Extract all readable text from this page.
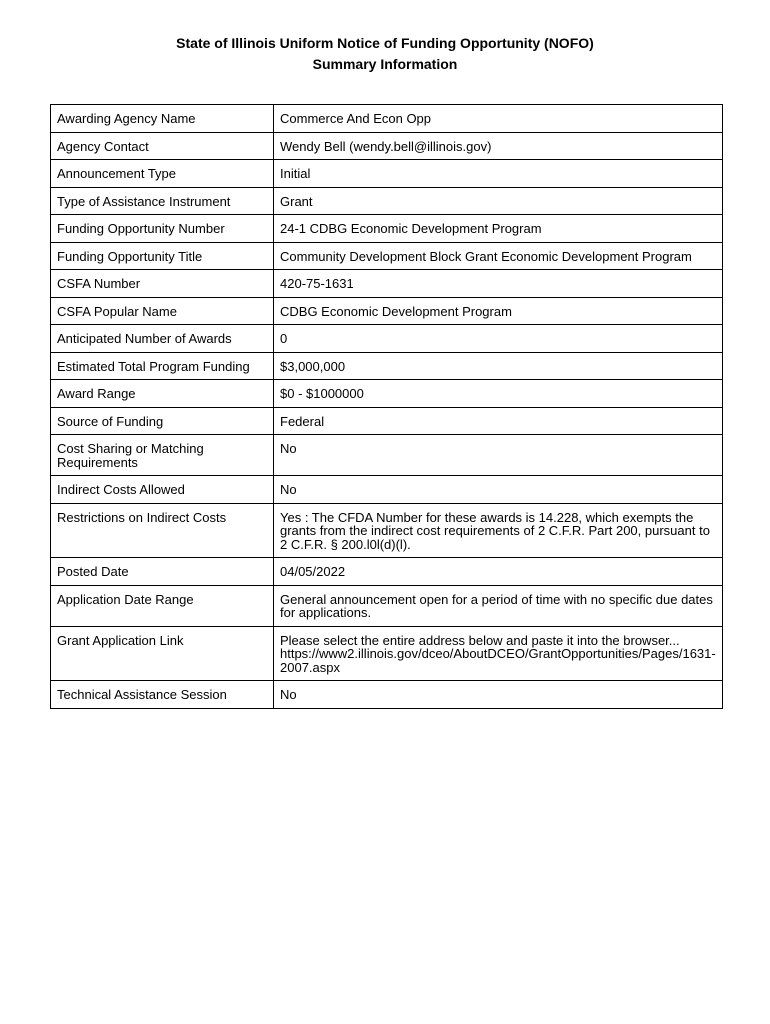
State of Illinois Uniform Notice of Funding Opportunity (NOFO)
Summary Information
Awarding Agency Name	Commerce And Econ Opp
Agency Contact	Wendy Bell (wendy.bell@illinois.gov)
Announcement Type	Initial
Type of Assistance Instrument	Grant
Funding Opportunity Number	24-1 CDBG Economic Development Program
Funding Opportunity Title	Community Development Block Grant Economic Development Program
CSFA Number	420-75-1631
CSFA Popular Name	CDBG Economic Development Program
Anticipated Number of Awards	0
Estimated Total Program Funding	$3,000,000
Award Range	$0 - $1000000
Source of Funding	Federal
Cost Sharing or Matching Requirements	No
Indirect Costs Allowed	No
Restrictions on Indirect Costs	Yes : The CFDA Number for these awards is 14.228, which exempts the grants from the indirect cost requirements of 2 C.F.R. Part 200, pursuant to 2 C.F.R. § 200.l0l(d)(l).
Posted Date	04/05/2022
Application Date Range	General announcement open for a period of time with no specific due dates for applications.
Grant Application Link	Please select the entire address below and paste it into the browser...
https://www2.illinois.gov/dceo/AboutDCEO/GrantOpportunities/Pages/1631-2007.aspx

Technical Assistance Session	No
